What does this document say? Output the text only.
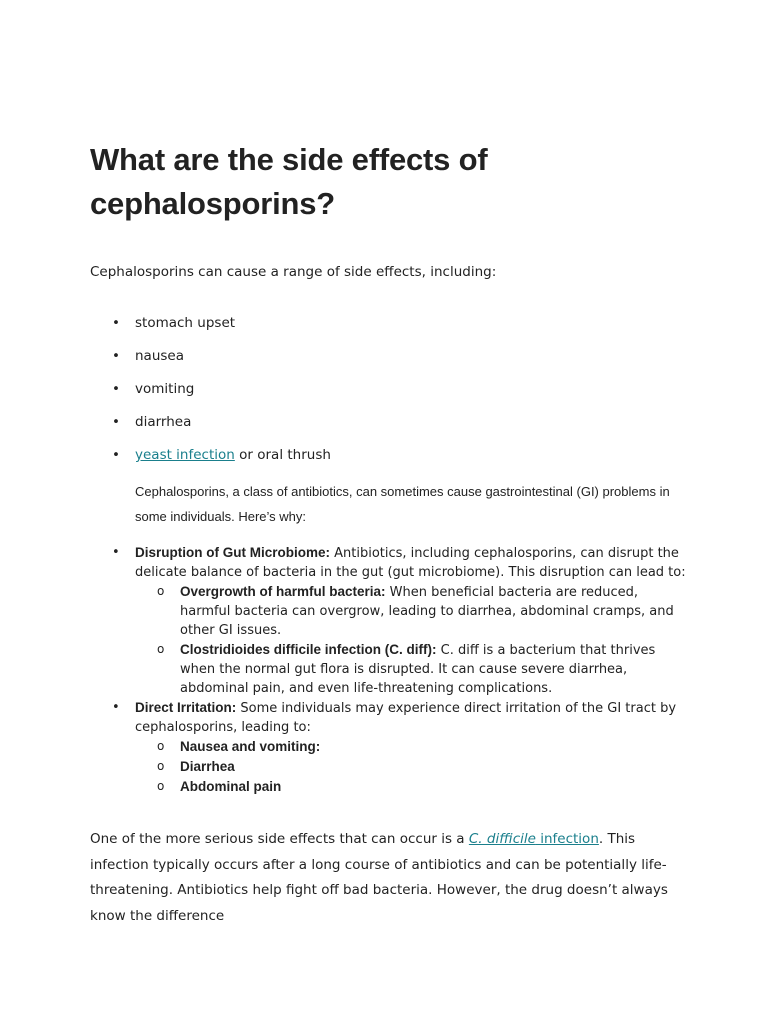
What are the side effects of cephalosporins?

Cephalosporins can cause a range of side effects, including:

• stomach upset
• nausea
• vomiting
• diarrhea
• yeast infection or oral thrush

Cephalosporins, a class of antibiotics, can sometimes cause gastrointestinal (GI) problems in some individuals. Here’s why:

• Disruption of Gut Microbiome: Antibiotics, including cephalosporins, can disrupt the delicate balance of bacteria in the gut (gut microbiome). This disruption can lead to:
o Overgrowth of harmful bacteria: When beneficial bacteria are reduced, harmful bacteria can overgrow, leading to diarrhea, abdominal cramps, and other GI issues.
o Clostridioides difficile infection (C. diff): C. diff is a bacterium that thrives when the normal gut flora is disrupted. It can cause severe diarrhea, abdominal pain, and even life-threatening complications.
• Direct Irritation: Some individuals may experience direct irritation of the GI tract by cephalosporins, leading to:
o Nausea and vomiting:
o Diarrhea
o Abdominal pain

One of the more serious side effects that can occur is a C. difficile infection. This infection typically occurs after a long course of antibiotics and can be potentially life-threatening. Antibiotics help fight off bad bacteria. However, the drug doesn’t always know the difference
